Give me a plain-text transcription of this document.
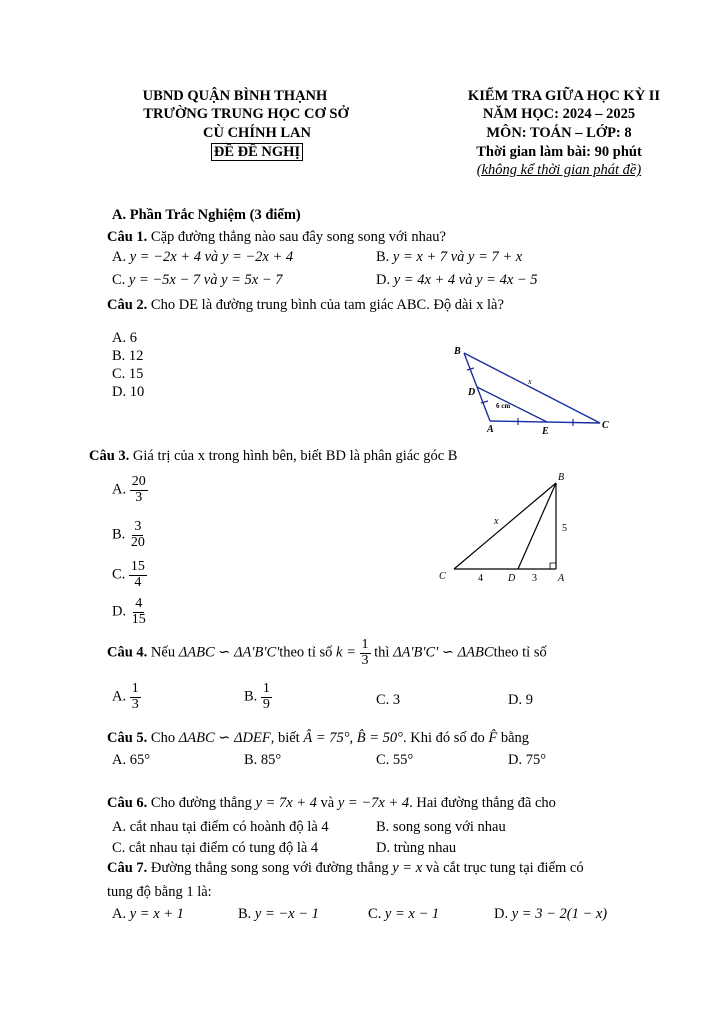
UBND QUẬN BÌNH THẠNH
TRƯỜNG TRUNG HỌC CƠ SỞ
CÙ CHÍNH LAN
ĐỀ ĐỀ NGHỊ
KIỂM TRA GIỮA HỌC KỲ II
NĂM HỌC: 2024 – 2025
MÔN: TOÁN – LỚP: 8
Thời gian làm bài: 90 phút
(không kể thời gian phát đề)
A. Phần Trắc Nghiệm (3 điểm)
Câu 1. Cặp đường thẳng nào sau đây song song với nhau?
A. y = −2x + 4 và y = −2x + 4	B. y = x + 7 và y = 7 + x
C. y = −5x − 7 và y = 5x − 7	D. y = 4x + 4 và y = 4x − 5
Câu 2. Cho DE là đường trung bình của tam giác ABC. Độ dài x là?
A. 6
B. 12
C. 15
D. 10
B
D
A	E
C
x
6 cm
Câu 3. Giá trị của x trong hình bên, biết BD là phân giác góc B
A. $\frac{20}{3}$
B. $\frac{3}{20}$
C. $\frac{15}{4}$
D. $\frac{4}{15}$
B
C	D	A
x
5
4	3
Câu 4. Nếu ΔABC ∽ ΔA'B'C'theo tỉ số $k = \frac{1}{3}$ thì ΔA'B'C' ∽ ΔABCtheo tỉ số
A. $\frac{1}{3}$	B. $\frac{1}{9}$	C. 3	D. 9
Câu 5. Cho ΔABC ∽ ΔDEF, biết Â = 75°, B̂ = 50°. Khi đó số đo F̂ bằng
A. 65°	B. 85°	C. 55°	D. 75°
Câu 6. Cho đường thẳng y = 7x + 4 và y = −7x + 4. Hai đường thẳng đã cho
A. cắt nhau tại điểm có hoành độ là 4	B. song song với nhau
C. cắt nhau tại điểm có tung độ là 4	D. trùng nhau
Câu 7. Đường thẳng song song với đường thẳng y = x và cắt trục tung tại điểm có
tung độ bằng 1 là:
A. y = x + 1	B. y = −x − 1	C. y = x − 1	D. y = 3 − 2(1 − x)
